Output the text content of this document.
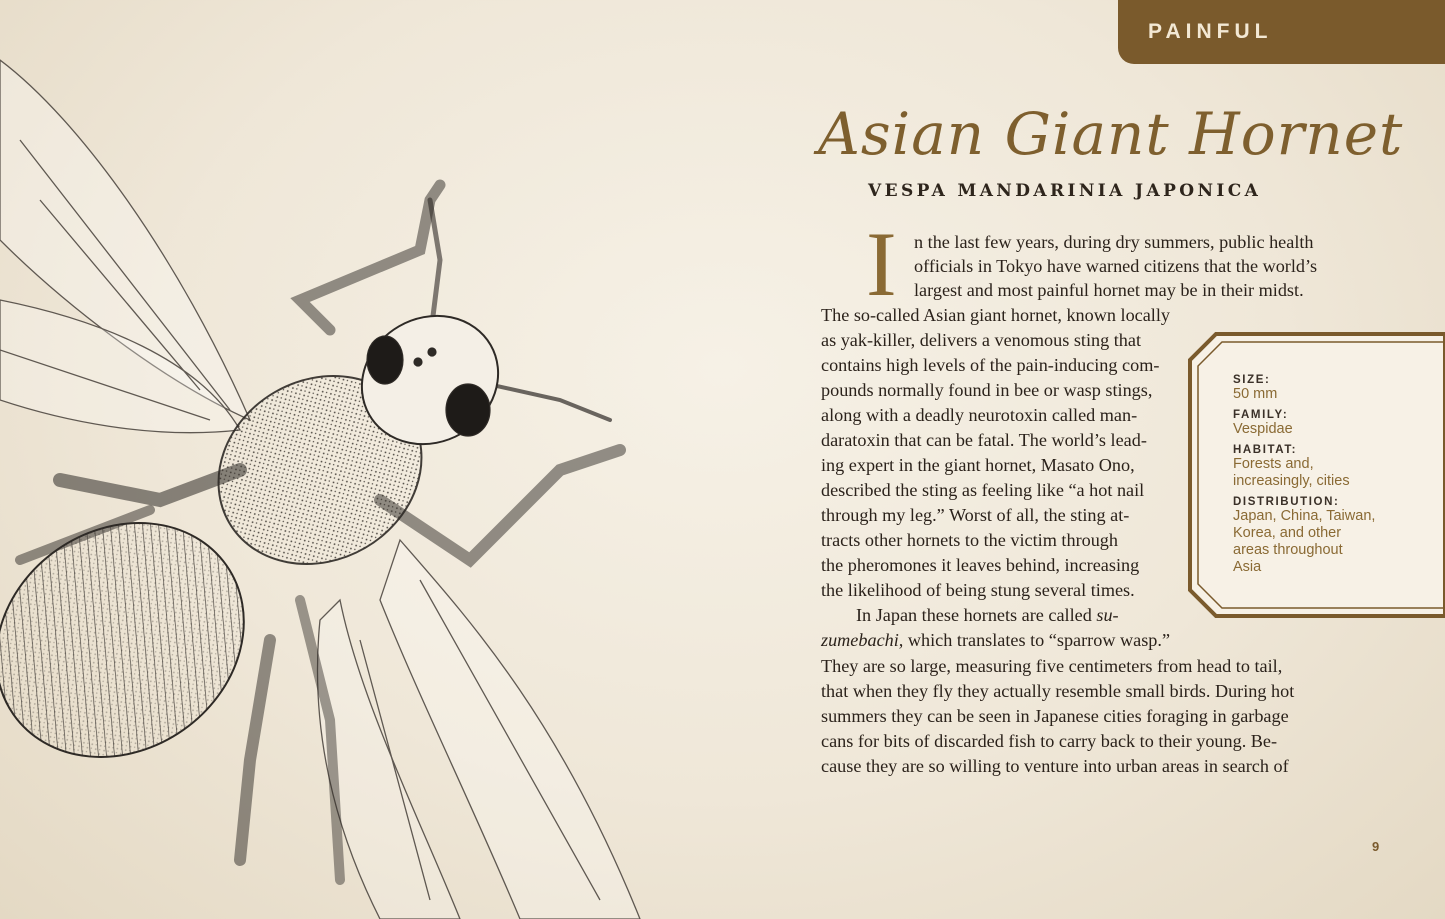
PAINFUL
Asian Giant Hornet
VESPA MANDARINIA JAPONICA
I n the last few years, during dry summers, public health
officials in Tokyo have warned citizens that the world’s
largest and most painful hornet may be in their midst.
The so-called Asian giant hornet, known locally
as yak-killer, delivers a venomous sting that
contains high levels of the pain-inducing com-
pounds normally found in bee or wasp stings,
along with a deadly neurotoxin called man-
daratoxin that can be fatal. The world’s lead-
ing expert in the giant hornet, Masato Ono,
described the sting as feeling like “a hot nail
through my leg.” Worst of all, the sting at-
tracts other hornets to the victim through
the pheromones it leaves behind, increasing
the likelihood of being stung several times.
In Japan these hornets are called su-
zumebachi, which translates to “sparrow wasp.”
They are so large, measuring five centimeters from head to tail,
that when they fly they actually resemble small birds. During hot
summers they can be seen in Japanese cities foraging in garbage
cans for bits of discarded fish to carry back to their young. Be-
cause they are so willing to venture into urban areas in search of
SIZE:
50 mm
FAMILY:
Vespidae
HABITAT:
Forests and,
increasingly, cities
DISTRIBUTION:
Japan, China, Taiwan,
Korea, and other
areas throughout
Asia
9
